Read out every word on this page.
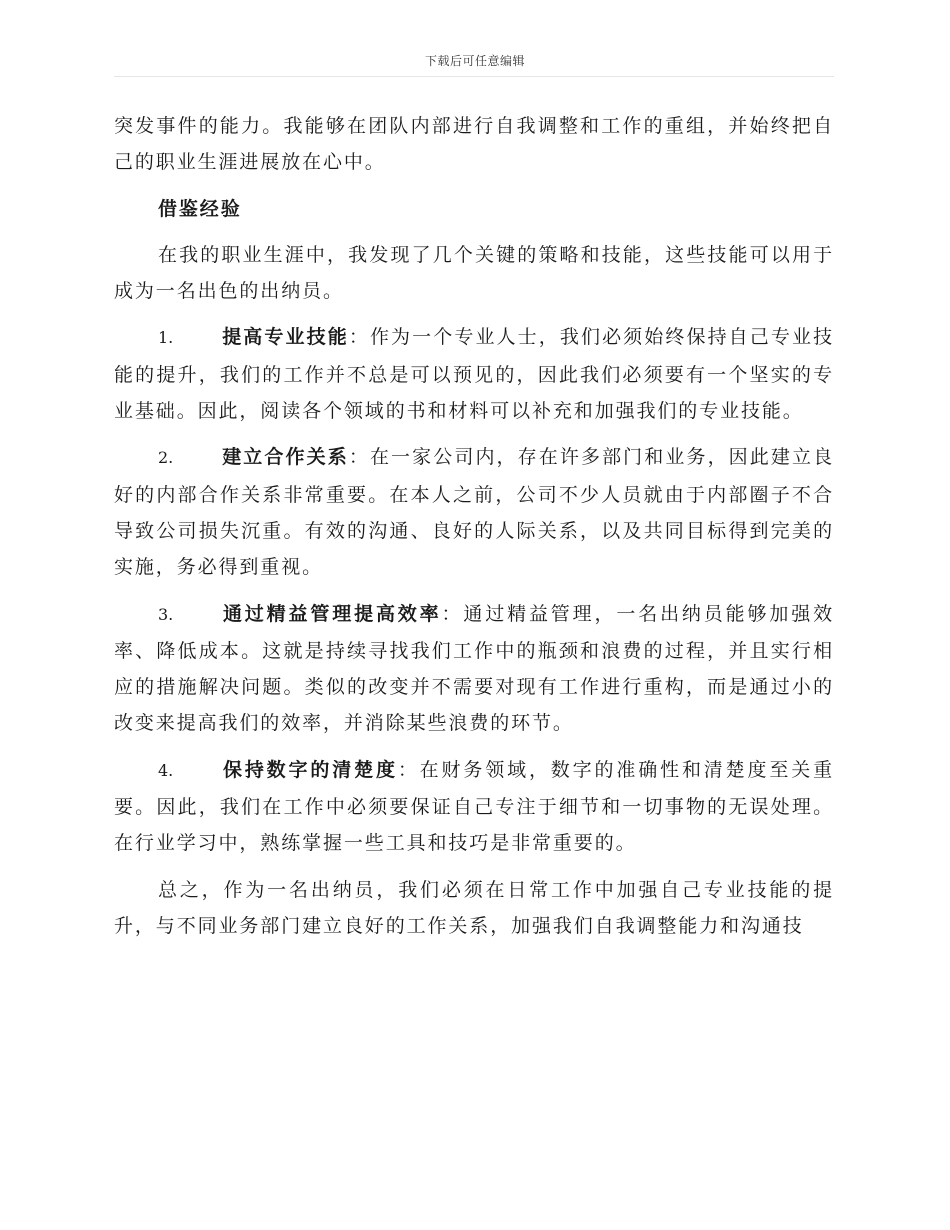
下载后可任意编辑

突发事件的能力。我能够在团队内部进行自我调整和工作的重组，并始终把自己的职业生涯进展放在心中。

借鉴经验

在我的职业生涯中，我发现了几个关键的策略和技能，这些技能可以用于成为一名出色的出纳员。

1.	提高专业技能：作为一个专业人士，我们必须始终保持自己专业技能的提升，我们的工作并不总是可以预见的，因此我们必须要有一个坚实的专业基础。因此，阅读各个领域的书和材料可以补充和加强我们的专业技能。

2.	建立合作关系：在一家公司内，存在许多部门和业务，因此建立良好的内部合作关系非常重要。在本人之前，公司不少人员就由于内部圈子不合导致公司损失沉重。有效的沟通、良好的人际关系，以及共同目标得到完美的实施，务必得到重视。

3.	通过精益管理提高效率：通过精益管理，一名出纳员能够加强效率、降低成本。这就是持续寻找我们工作中的瓶颈和浪费的过程，并且实行相应的措施解决问题。类似的改变并不需要对现有工作进行重构，而是通过小的改变来提高我们的效率，并消除某些浪费的环节。

4.	保持数字的清楚度：在财务领域，数字的准确性和清楚度至关重要。因此，我们在工作中必须要保证自己专注于细节和一切事物的无误处理。在行业学习中，熟练掌握一些工具和技巧是非常重要的。

总之，作为一名出纳员，我们必须在日常工作中加强自己专业技能的提升，与不同业务部门建立良好的工作关系，加强我们自我调整能力和沟通技
